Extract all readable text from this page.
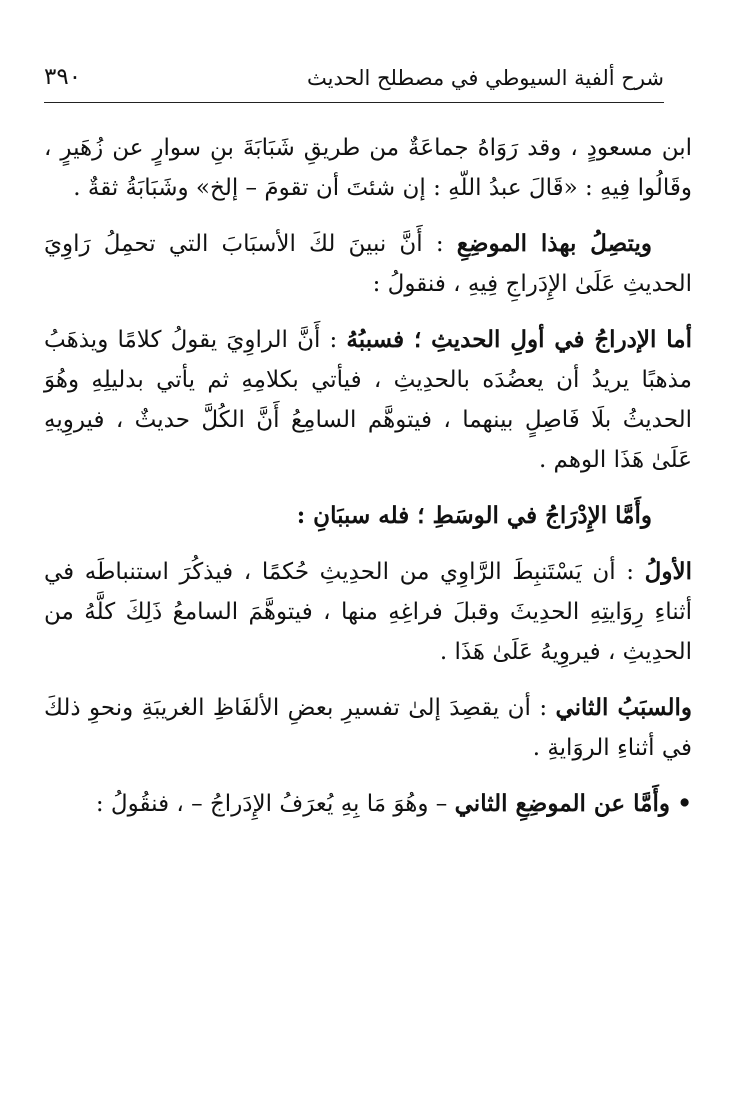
شرح ألفية السيوطي في مصطلح الحديث
٣٩٠

ابن مسعودٍ ، وقد رَوَاهُ جماعَةٌ من طريقِ شَبَابَةَ بنِ سوارٍ عن زُهَيرٍ ، وقَالُوا فِيهِ : «قَالَ عبدُ اللّهِ : إن شئتَ أن تقومَ – إلخ» وشَبَابَةُ ثقةٌ .

ويتصِلُ بهذا الموضِعِ : أَنَّ نبينَ لكَ الأسبَابَ التي تحمِلُ رَاوِيَ الحديثِ عَلَىٰ الإِدَراجِ فِيهِ ، فنقولُ :

أما الإدراجُ في أولِ الحديثِ ؛ فسببُهُ : أَنَّ الراوِيَ يقولُ كلامًا ويذهَبُ مذهبًا يريدُ أن يعضُدَه بالحدِيثِ ، فيأتي بكلامِهِ ثم يأتي بدليلِهِ وهُوَ الحديثُ بلَا فَاصِلٍ بينهما ، فيتوهَّم السامِعُ أَنَّ الكُلَّ حديثٌ ، فيروِيهِ عَلَىٰ هَذَا الوهم .

وأَمَّا الإِدْرَاجُ في الوسَطِ ؛ فله سببَانِ :

الأولُ : أن يَسْتَنبِطَ الرَّاوِي من الحدِيثِ حُكمًا ، فيذكُرَ استنباطَه في أثناءِ رِوَايتِهِ الحدِيثَ وقبلَ فراغِهِ منها ، فيتوهَّمَ السامعُ ذَلِكَ كلَّهُ من الحدِيثِ ، فيروِيهُ عَلَىٰ هَذَا .

والسبَبُ الثاني : أن يقصِدَ إلىٰ تفسيرِ بعضِ الألفَاظِ الغريبَةِ ونحوِ ذلكَ في أثناءِ الروَايةِ .

• وأَمَّا عن الموضِعِ الثاني – وهُوَ مَا بِهِ يُعرَفُ الإِدَراجُ – ، فنقُولُ :
